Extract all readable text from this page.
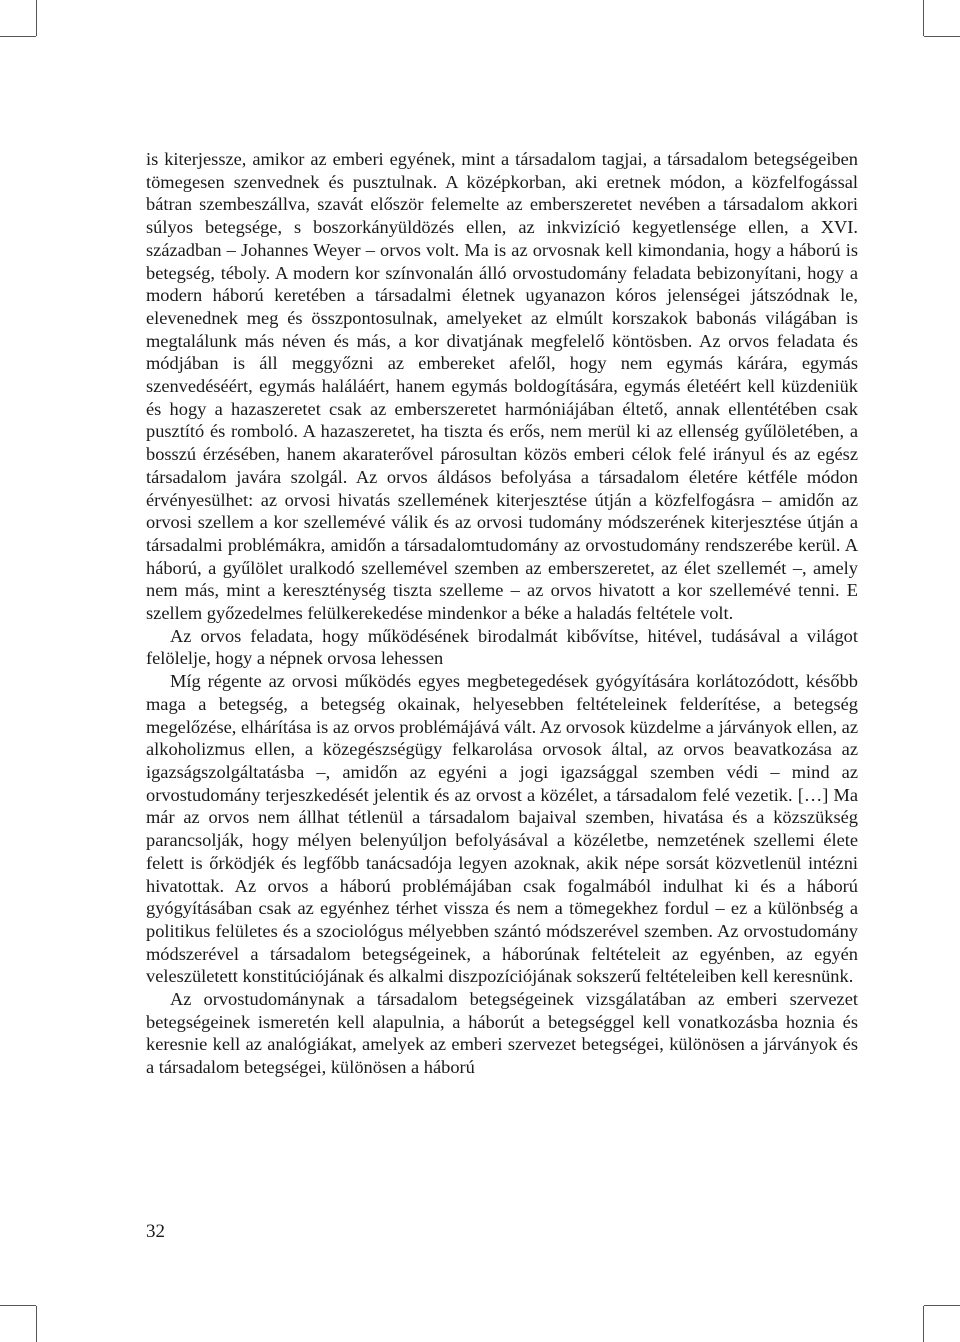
is kiterjessze, amikor az emberi egyének, mint a társadalom tagjai, a társadalom betegségeiben tömegesen szenvednek és pusztulnak. A középkorban, aki eretnek módon, a közfelfogással bátran szembeszállva, szavát először felemelte az emberszeretet nevében a társadalom akkori súlyos betegsége, s boszorkányüldözés ellen, az inkvizíció kegyetlensége ellen, a XVI. században – Johannes Weyer – orvos volt. Ma is az orvosnak kell kimondania, hogy a háború is betegség, téboly. A modern kor színvonalán álló orvostudomány feladata bebizonyítani, hogy a modern háború keretében a társadalmi életnek ugyanazon kóros jelenségei játszódnak le, elevenednek meg és összpontosulnak, amelyeket az elmúlt korszakok babonás világában is megtalálunk más néven és más, a kor divatjának megfelelő köntösben. Az orvos feladata és módjában is áll meggyőzni az embereket afelől, hogy nem egymás kárára, egymás szenvedéséért, egymás haláláért, hanem egymás boldogítására, egymás életéért kell küzdeniük és hogy a hazaszeretet csak az emberszeretet harmóniájában éltető, annak ellentétében csak pusztító és romboló. A hazaszeretet, ha tiszta és erős, nem merül ki az ellenség gyűlöletében, a bosszú érzésében, hanem akaraterővel párosultan közös emberi célok felé irányul és az egész társadalom javára szolgál. Az orvos áldásos befolyása a társadalom életére kétféle módon érvényesülhet: az orvosi hivatás szellemének kiterjesztése útján a közfelfogásra – amidőn az orvosi szellem a kor szellemévé válik és az orvosi tudomány módszerének kiterjesztése útján a társadalmi problémákra, amidőn a társadalomtudomány az orvostudomány rendszerébe kerül. A háború, a gyűlölet uralkodó szellemével szemben az emberszeretet, az élet szellemét –, amely nem más, mint a kereszténység tiszta szelleme – az orvos hivatott a kor szellemévé tenni. E szellem győzedelmes felülkerekedése mindenkor a béke a haladás feltétele volt.

Az orvos feladata, hogy működésének birodalmát kibővítse, hitével, tudásával a világot felölelje, hogy a népnek orvosa lehessen

Míg régente az orvosi működés egyes megbetegedések gyógyítására korlátozódott, később maga a betegség, a betegség okainak, helyesebben feltételeinek felderítése, a betegség megelőzése, elhárítása is az orvos problémájává vált. Az orvosok küzdelme a járványok ellen, az alkoholizmus ellen, a közegészségügy felkarolása orvosok által, az orvos beavatkozása az igazságszolgáltatásba –, amidőn az egyéni a jogi igazsággal szemben védi – mind az orvostudomány terjeszkedését jelentik és az orvost a közélet, a társadalom felé vezetik. […] Ma már az orvos nem állhat tétlenül a társadalom bajaival szemben, hivatása és a közszükség parancsolják, hogy mélyen belenyúljon befolyásával a közéletbe, nemzetének szellemi élete felett is őrködjék és legfőbb tanácsadója legyen azoknak, akik népe sorsát közvetlenül intézni hivatottak. Az orvos a háború problémájában csak fogalmából indulhat ki és a háború gyógyításában csak az egyénhez térhet vissza és nem a tömegekhez fordul – ez a különbség a politikus felületes és a szociológus mélyebben szántó módszerével szemben. Az orvostudomány módszerével a társadalom betegségeinek, a háborúnak feltételeit az egyénben, az egyén veleszületett konstitúciójának és alkalmi diszpozíciójának sokszerű feltételeiben kell keresnünk.

Az orvostudománynak a társadalom betegségeinek vizsgálatában az emberi szervezet betegségeinek ismeretén kell alapulnia, a háborút a betegséggel kell vonatkozásba hoznia és keresnie kell az analógiákat, amelyek az emberi szervezet betegségei, különösen a járványok és a társadalom betegségei, különösen a háború

32
